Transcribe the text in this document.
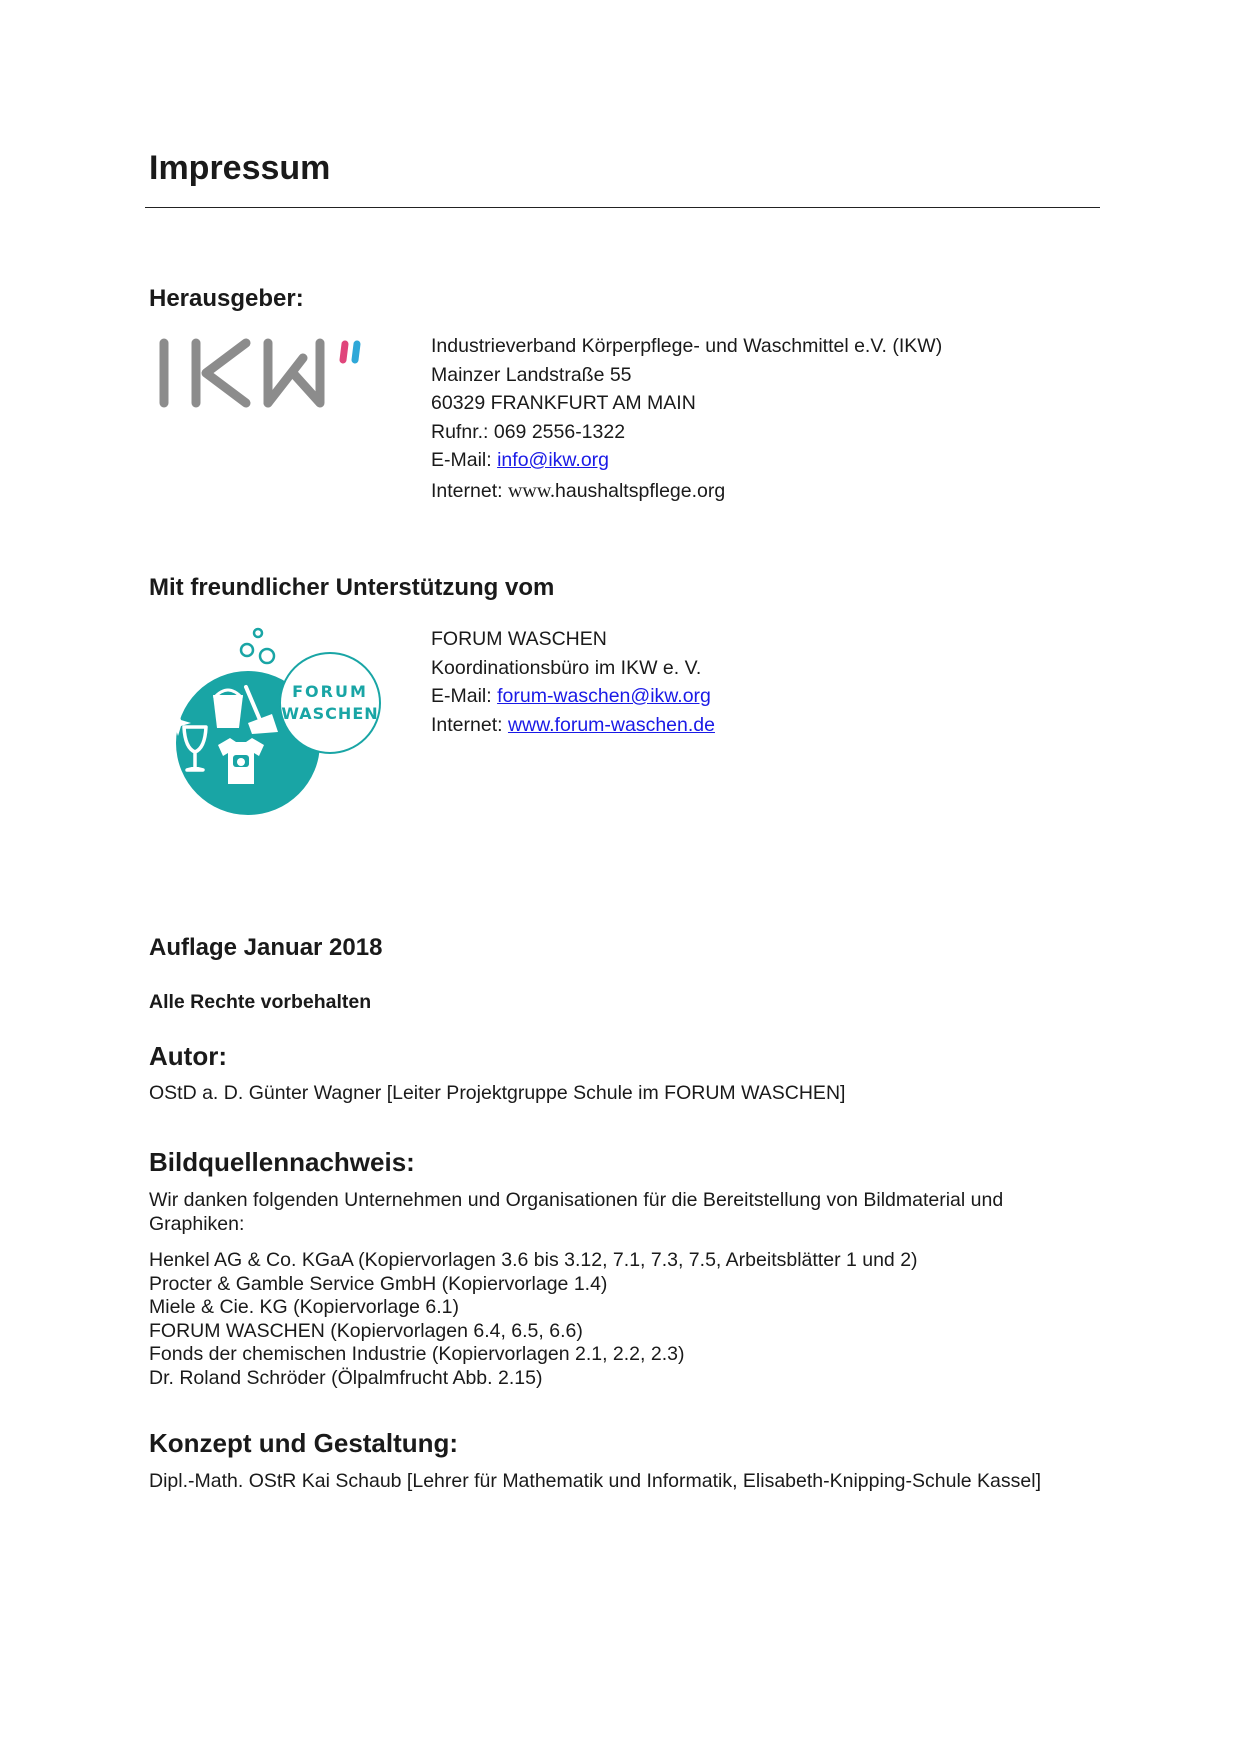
Impressum
Herausgeber:
Industrieverband Körperpflege- und Waschmittel e.V. (IKW)
Mainzer Landstraße 55
60329 FRANKFURT AM MAIN
Rufnr.: 069 2556-1322
E-Mail: info@ikw.org
Internet: www.haushaltspflege.org
Mit freundlicher Unterstützung vom
FORUM
WASCHEN
FORUM WASCHEN
Koordinationsbüro im IKW e. V.
E-Mail: forum-waschen@ikw.org
Internet: www.forum-waschen.de
Auflage Januar 2018
Alle Rechte vorbehalten
Autor:
OStD a. D. Günter Wagner [Leiter Projektgruppe Schule im FORUM WASCHEN]
Bildquellennachweis:
Wir danken folgenden Unternehmen und Organisationen für die Bereitstellung von Bildmaterial und Graphiken:
Henkel AG & Co. KGaA (Kopiervorlagen 3.6 bis 3.12, 7.1, 7.3, 7.5, Arbeitsblätter 1 und 2)
Procter & Gamble Service GmbH (Kopiervorlage 1.4)
Miele & Cie. KG (Kopiervorlage 6.1)
FORUM WASCHEN (Kopiervorlagen 6.4, 6.5, 6.6)
Fonds der chemischen Industrie (Kopiervorlagen 2.1, 2.2, 2.3)
Dr. Roland Schröder (Ölpalmfrucht Abb. 2.15)
Konzept und Gestaltung:
Dipl.-Math. OStR Kai Schaub [Lehrer für Mathematik und Informatik, Elisabeth-Knipping-Schule Kassel]
